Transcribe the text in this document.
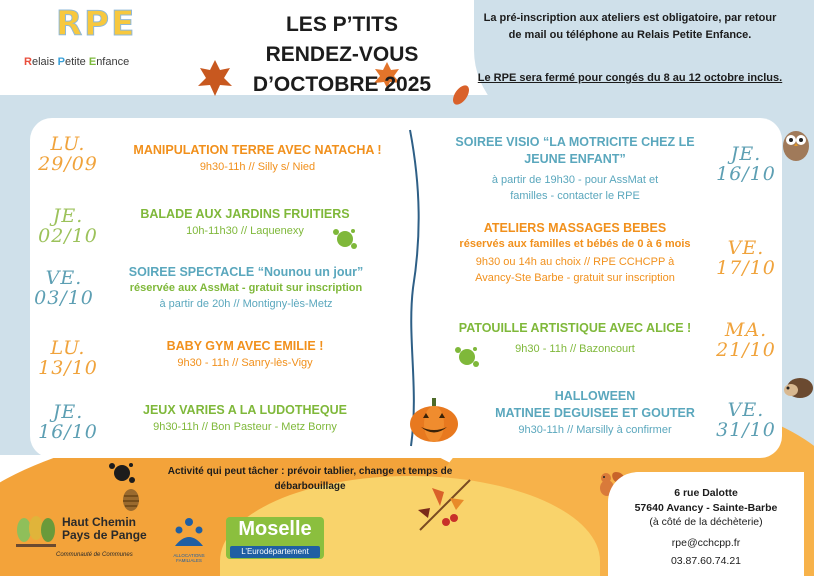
RPE
Relais Petite Enfance
LES P’TITS
RENDEZ-VOUS
D’OCTOBRE 2025
La pré-inscription aux ateliers est obligatoire, par retour
de mail ou téléphone au Relais Petite Enfance.
Le RPE sera fermé pour congés du 8 au 12 octobre inclus.
MANIPULATION TERRE AVEC NATACHA !
9h30-11h // Silly s/ Nied
LU.
29/09
BALADE AUX JARDINS FRUITIERS
10h-11h30 // Laquenexy
JE.
02/10
SOIREE SPECTACLE “Nounou un jour”
réservée aux AssMat - gratuit sur inscription
à partir de 20h // Montigny-lès-Metz
VE.
03/10
BABY GYM AVEC EMILIE !
9h30 - 11h // Sanry-lès-Vigy
LU.
13/10
JEUX VARIES A LA LUDOTHEQUE
9h30-11h // Bon Pasteur - Metz Borny
JE.
16/10
SOIREE VISIO “LA MOTRICITE CHEZ LE
JEUNE ENFANT”
à partir de 19h30 - pour AssMat et
familles - contacter le RPE
JE.
16/10
ATELIERS MASSAGES BEBES
réservés aux familles et bébés de 0 à 6 mois
9h30 ou 14h au choix // RPE CCHCPP à
Avancy-Ste Barbe - gratuit sur inscription
VE.
17/10
PATOUILLE ARTISTIQUE AVEC ALICE !
9h30 - 11h // Bazoncourt
MA.
21/10
HALLOWEEN
MATINEE DEGUISEE ET GOUTER
9h30-11h // Marsilly à confirmer
VE.
31/10
Activité qui peut tâcher : prévoir tablier, change et temps de débarbouillage
6 rue Dalotte
57640 Avancy - Sainte-Barbe
(à côté de la déchèterie)
rpe@cchcpp.fr
03.87.60.74.21
Haut Chemin
Pays de Pange
Communauté de Communes	ALLOCATIONS FAMILIALES
Moselle
L’Eurodépartement
